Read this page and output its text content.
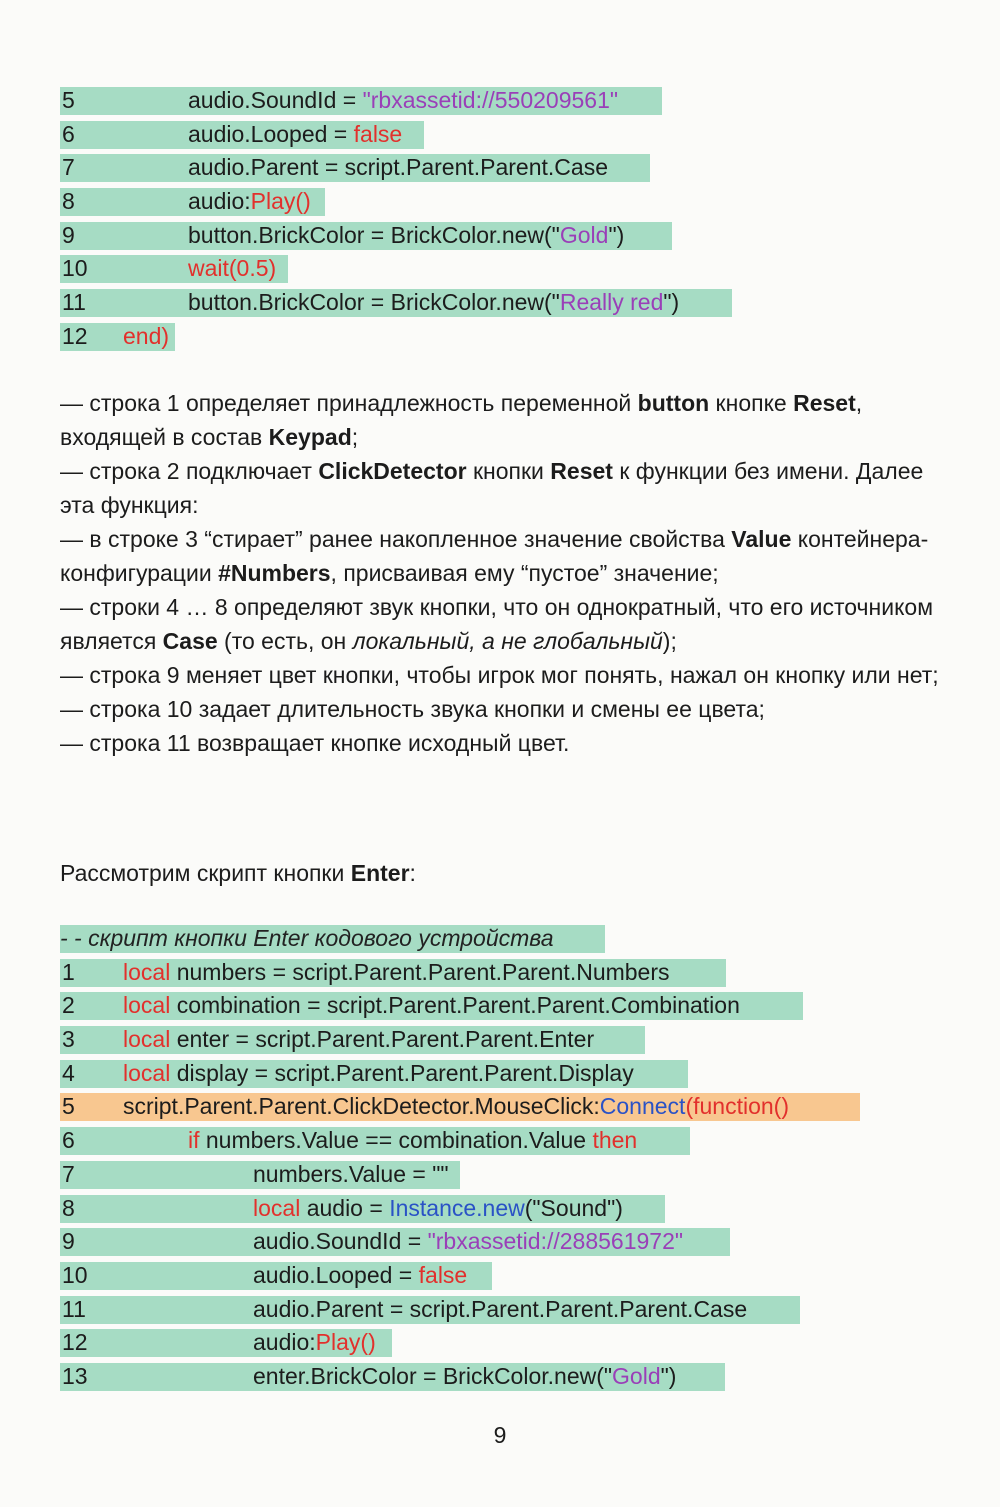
5	audio.SoundId = "rbxassetid://550209561"
6	audio.Looped = false
7	audio.Parent = script.Parent.Parent.Case
8	audio:Play()
9	button.BrickColor = BrickColor.new("Gold")
10	wait(0.5)
11	button.BrickColor = BrickColor.new("Really red")
12 end)

— строка 1 определяет принадлежность переменной button кнопке Reset, входящей в состав Keypad;

— строка 2 подключает ClickDetector кнопки Reset к функции без имени. Далее эта функция:

— в строке 3 “стирает” ранее накопленное значение свойства Value контейнера-конфигурации #Numbers, присваивая ему “пустое” значение;

— строки 4 … 8 определяют звук кнопки, что он однократный, что его источником является Case (то есть, он локальный, а не глобальный);

— строка 9 меняет цвет кнопки, чтобы игрок мог понять, нажал он кнопку или нет;

— строка 10 задает длительность звука кнопки и смены ее цвета;

— строка 11 возвращает кнопке исходный цвет.

Рассмотрим скрипт кнопки Enter:

- - скрипт кнопки Enter кодового устройства
1 local numbers = script.Parent.Parent.Parent.Numbers
2 local combination = script.Parent.Parent.Parent.Combination
3 local enter = script.Parent.Parent.Parent.Enter
4 local display = script.Parent.Parent.Parent.Display
5 script.Parent.Parent.ClickDetector.MouseClick:Connect(function()
6	if numbers.Value == combination.Value then
7	numbers.Value = ""
8	local audio = Instance.new("Sound")
9	audio.SoundId = "rbxassetid://288561972"
10	audio.Looped = false
11	audio.Parent = script.Parent.Parent.Parent.Case
12	audio:Play()
13	enter.BrickColor = BrickColor.new("Gold")
9
